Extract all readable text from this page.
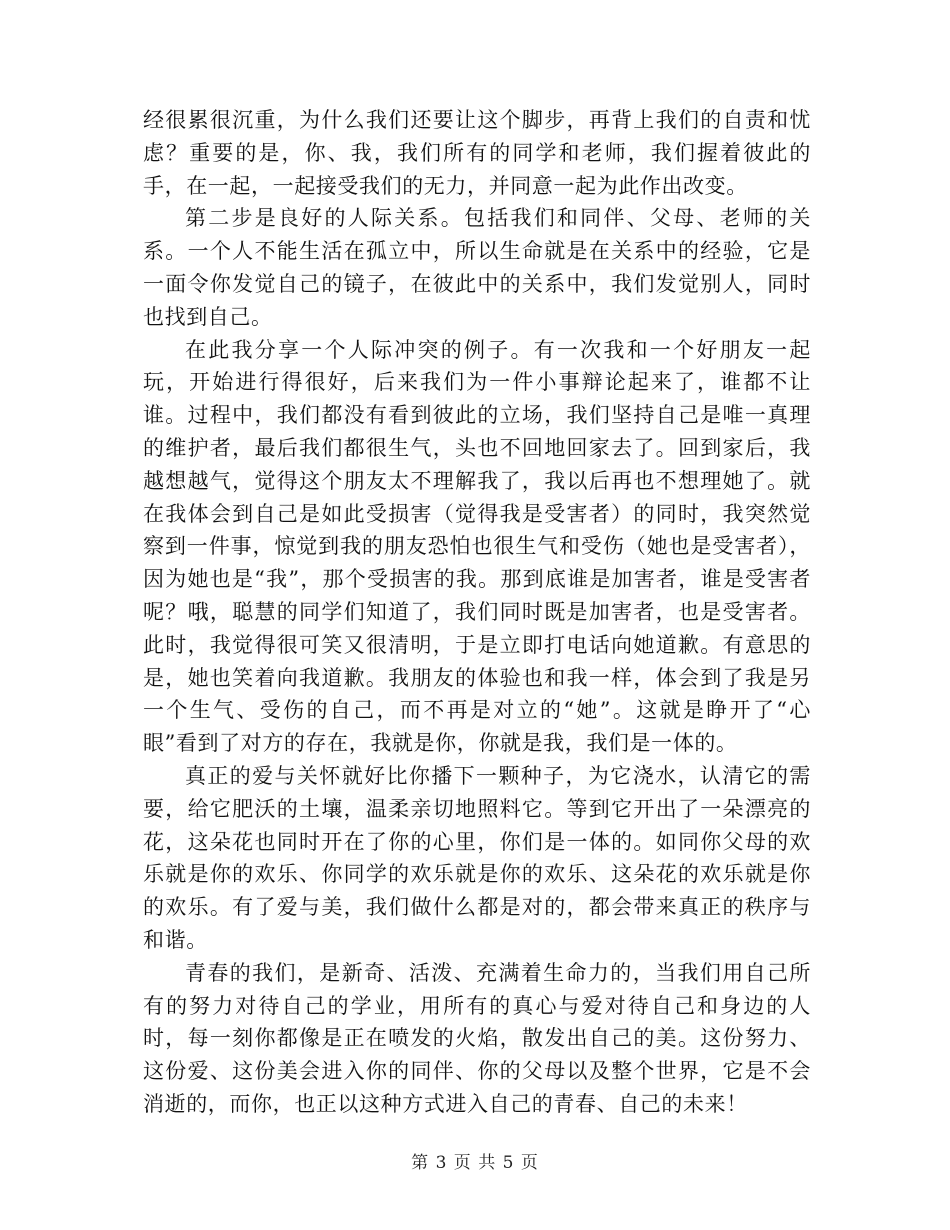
经很累很沉重，为什么我们还要让这个脚步，再背上我们的自责和忧虑？重要的是，你、我，我们所有的同学和老师，我们握着彼此的手，在一起，一起接受我们的无力，并同意一起为此作出改变。

第二步是良好的人际关系。包括我们和同伴、父母、老师的关系。一个人不能生活在孤立中，所以生命就是在关系中的经验，它是一面令你发觉自己的镜子，在彼此中的关系中，我们发觉别人，同时也找到自己。

在此我分享一个人际冲突的例子。有一次我和一个好朋友一起玩，开始进行得很好，后来我们为一件小事辩论起来了，谁都不让谁。过程中，我们都没有看到彼此的立场，我们坚持自己是唯一真理的维护者，最后我们都很生气，头也不回地回家去了。回到家后，我越想越气，觉得这个朋友太不理解我了，我以后再也不想理她了。就在我体会到自己是如此受损害（觉得我是受害者）的同时，我突然觉察到一件事，惊觉到我的朋友恐怕也很生气和受伤（她也是受害者），因为她也是“我”，那个受损害的我。那到底谁是加害者，谁是受害者呢？哦，聪慧的同学们知道了，我们同时既是加害者，也是受害者。此时，我觉得很可笑又很清明，于是立即打电话向她道歉。有意思的是，她也笑着向我道歉。我朋友的体验也和我一样，体会到了我是另一个生气、受伤的自己，而不再是对立的“她”。这就是睁开了“心眼”看到了对方的存在，我就是你，你就是我，我们是一体的。

真正的爱与关怀就好比你播下一颗种子，为它浇水，认清它的需要，给它肥沃的土壤，温柔亲切地照料它。等到它开出了一朵漂亮的花，这朵花也同时开在了你的心里，你们是一体的。如同你父母的欢乐就是你的欢乐、你同学的欢乐就是你的欢乐、这朵花的欢乐就是你的欢乐。有了爱与美，我们做什么都是对的，都会带来真正的秩序与和谐。

青春的我们，是新奇、活泼、充满着生命力的，当我们用自己所有的努力对待自己的学业，用所有的真心与爱对待自己和身边的人时，每一刻你都像是正在喷发的火焰，散发出自己的美。这份努力、这份爱、这份美会进入你的同伴、你的父母以及整个世界，它是不会消逝的，而你，也正以这种方式进入自己的青春、自己的未来！

第 3 页 共 5 页
